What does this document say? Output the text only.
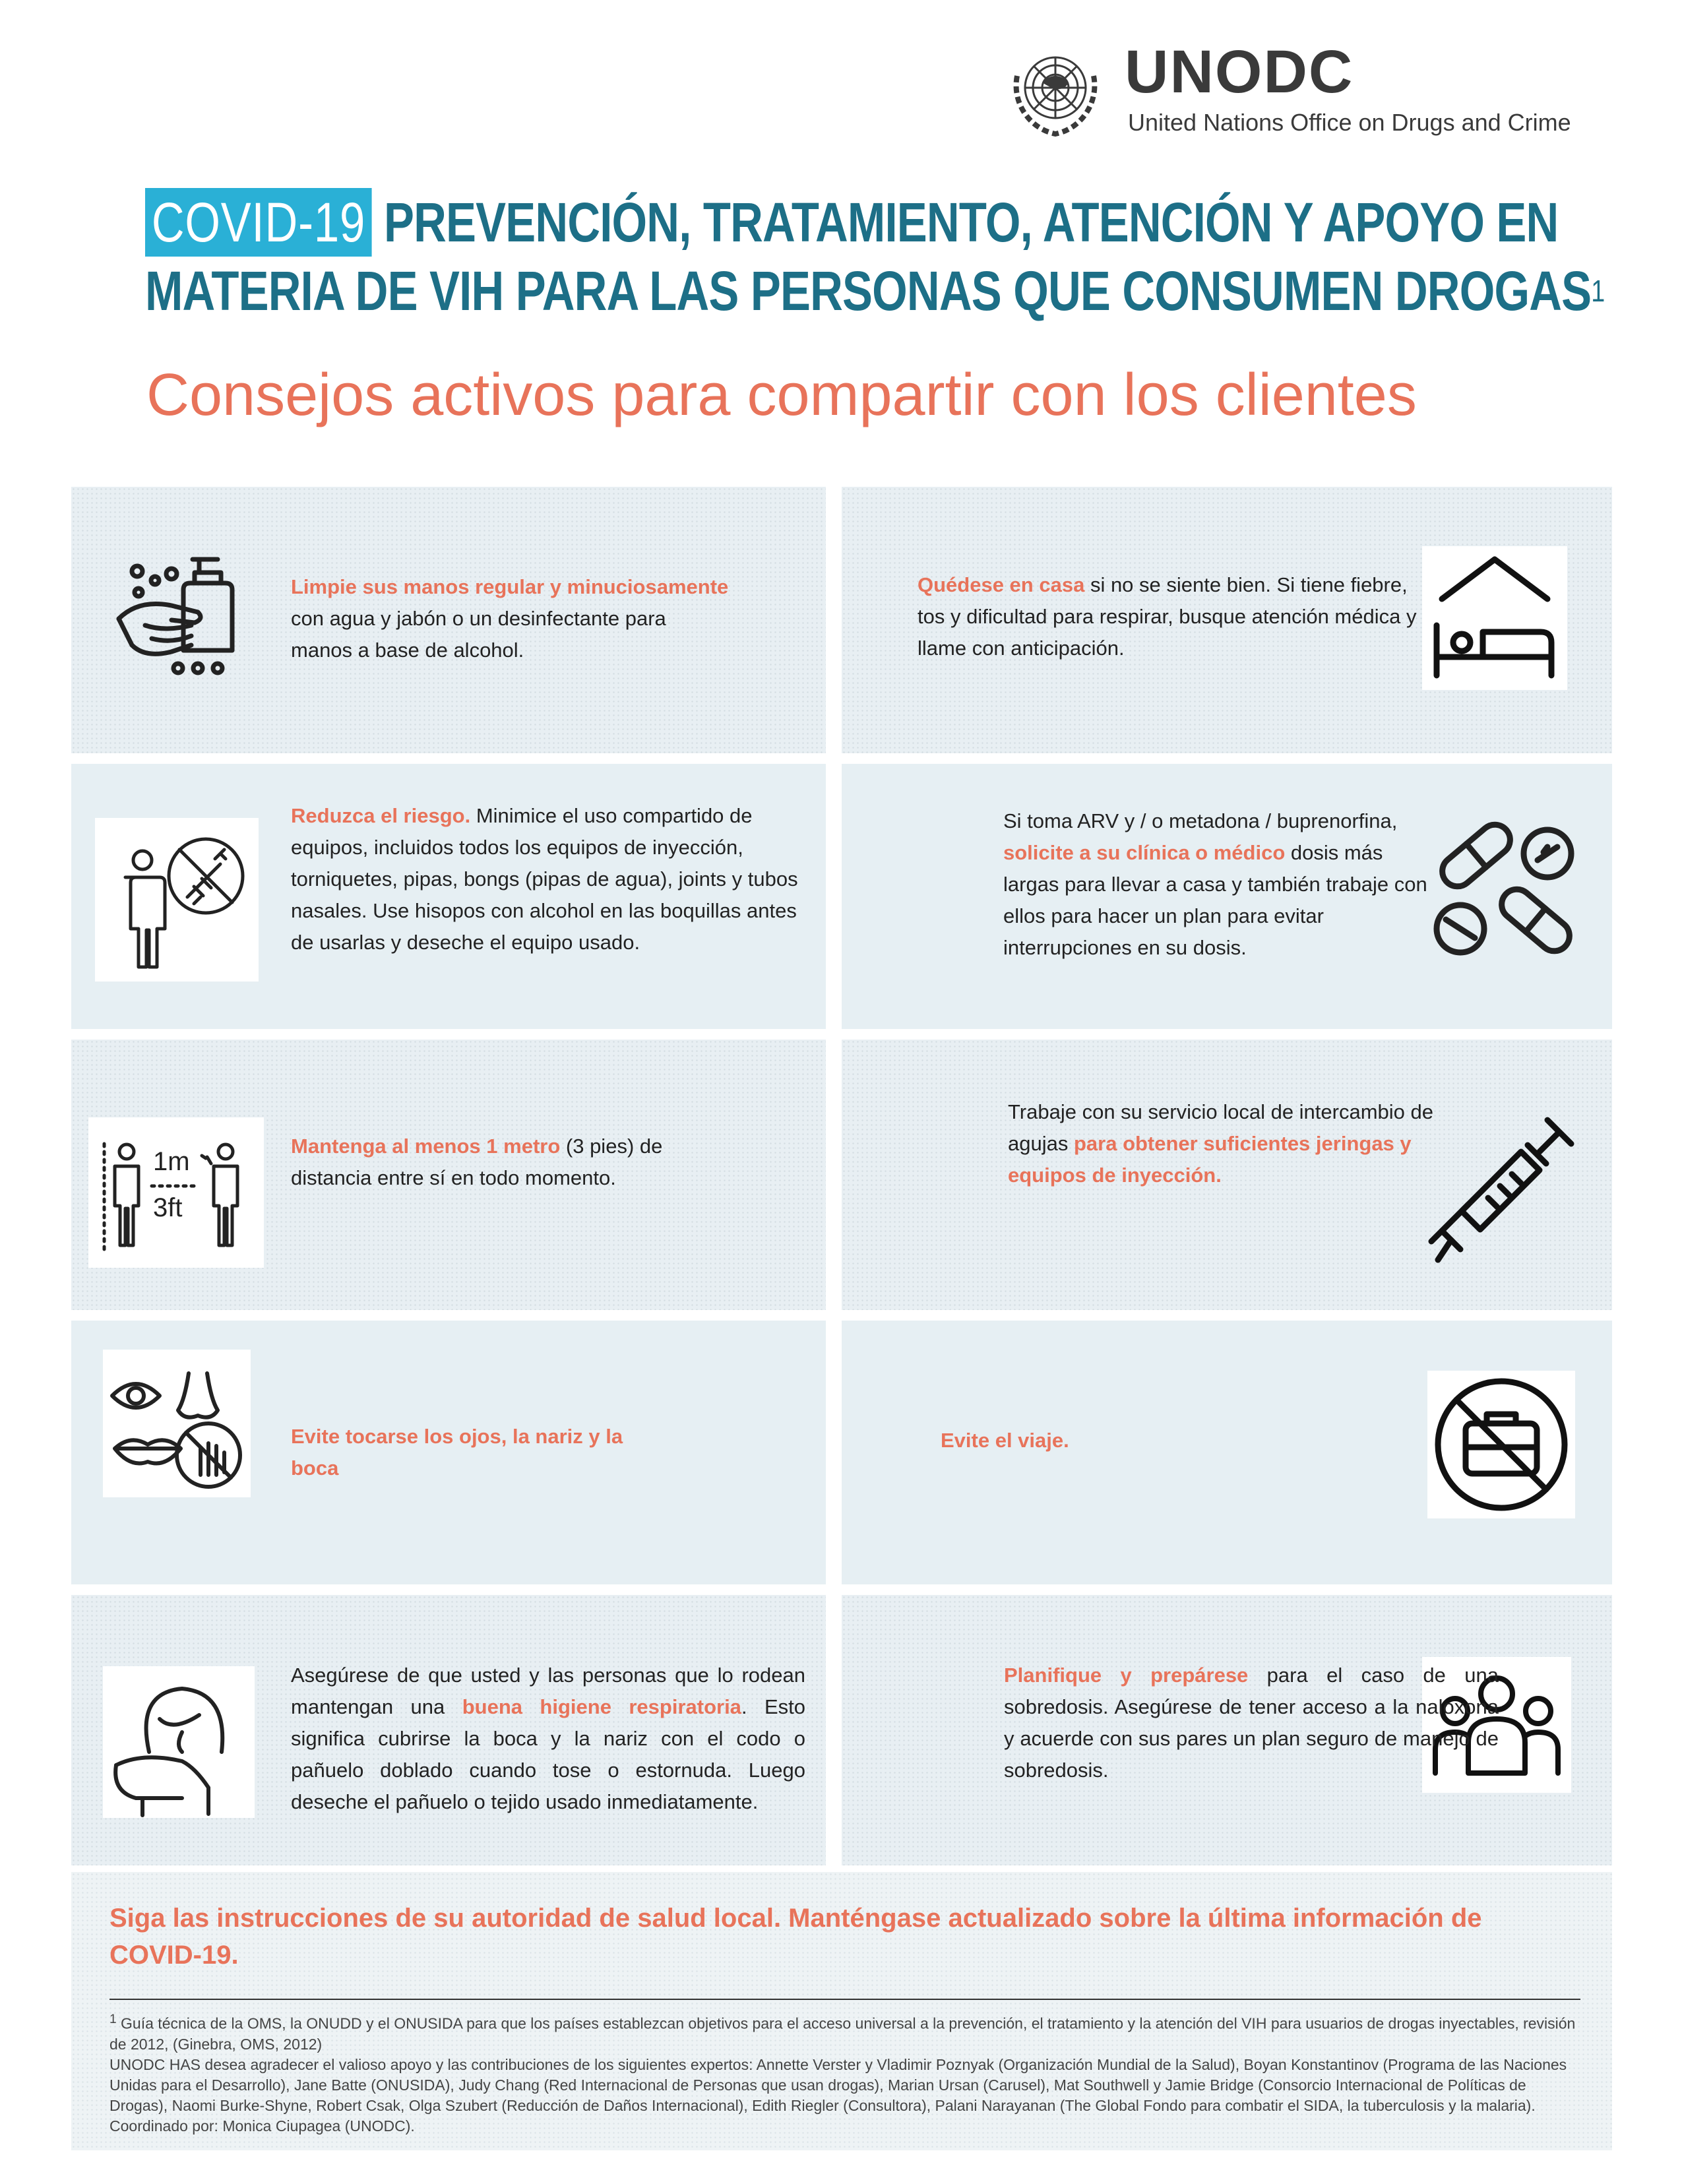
UNODC
United Nations Office on Drugs and Crime
COVID-19 PREVENCIÓN, TRATAMIENTO, ATENCIÓN Y APOYO EN
MATERIA DE VIH PARA LAS PERSONAS QUE CONSUMEN DROGAS$^1$
Consejos activos para compartir con los clientes
Limpie sus manos regular y minuciosamente con agua y jabón o un desinfectante para manos a base de alcohol.
Quédese en casa si no se siente bien. Si tiene fiebre, tos y dificultad para respirar, busque atención médica y llame con anticipación.
Reduzca el riesgo. Minimice el uso compartido de equipos, incluidos todos los equipos de inyección, torniquetes, pipas, bongs (pipas de agua), joints y tubos nasales. Use hisopos con alcohol en las boquillas antes de usarlas y deseche el equipo usado.
Si toma ARV y / o metadona / buprenorfina, solicite a su clínica o médico dosis más largas para llevar a casa y también trabaje con ellos para hacer un plan para evitar interrupciones en su dosis.
1m
3ft
Mantenga al menos 1 metro (3 pies) de distancia entre sí en todo momento.
Trabaje con su servicio local de intercambio de agujas para obtener suficientes jeringas y equipos de inyección.
Evite tocarse los ojos, la nariz y la boca
Evite el viaje.
Asegúrese de que usted y las personas que lo rodean mantengan una buena higiene respiratoria. Esto significa cubrirse la boca y la nariz con el codo o pañuelo doblado cuando tose o estornuda. Luego deseche el pañuelo o tejido usado inmediatamente.
Planifique y prepárese para el caso de una sobredosis. Asegúrese de tener acceso a la naloxona y acuerde con sus pares un plan seguro de manejo de sobredosis.
Siga las instrucciones de su autoridad de salud local. Manténgase actualizado sobre la última información de COVID-19.
$^1$ Guía técnica de la OMS, la ONUDD y el ONUSIDA para que los países establezcan objetivos para el acceso universal a la prevención, el tratamiento y la atención del VIH para usuarios de drogas inyectables, revisión de 2012, (Ginebra, OMS, 2012)
UNODC HAS desea agradecer el valioso apoyo y las contribuciones de los siguientes expertos: Annette Verster y Vladimir Poznyak (Organización Mundial de la Salud), Boyan Konstantinov (Programa de las Naciones Unidas para el Desarrollo), Jane Batte (ONUSIDA), Judy Chang (Red Internacional de Personas que usan drogas), Marian Ursan (Carusel), Mat Southwell y Jamie Bridge (Consorcio Internacional de Políticas de Drogas), Naomi Burke-Shyne, Robert Csak, Olga Szubert (Reducción de Daños Internacional), Edith Riegler (Consultora), Palani Narayanan (The Global Fondo para combatir el SIDA, la tuberculosis y la malaria). Coordinado por: Monica Ciupagea (UNODC).
